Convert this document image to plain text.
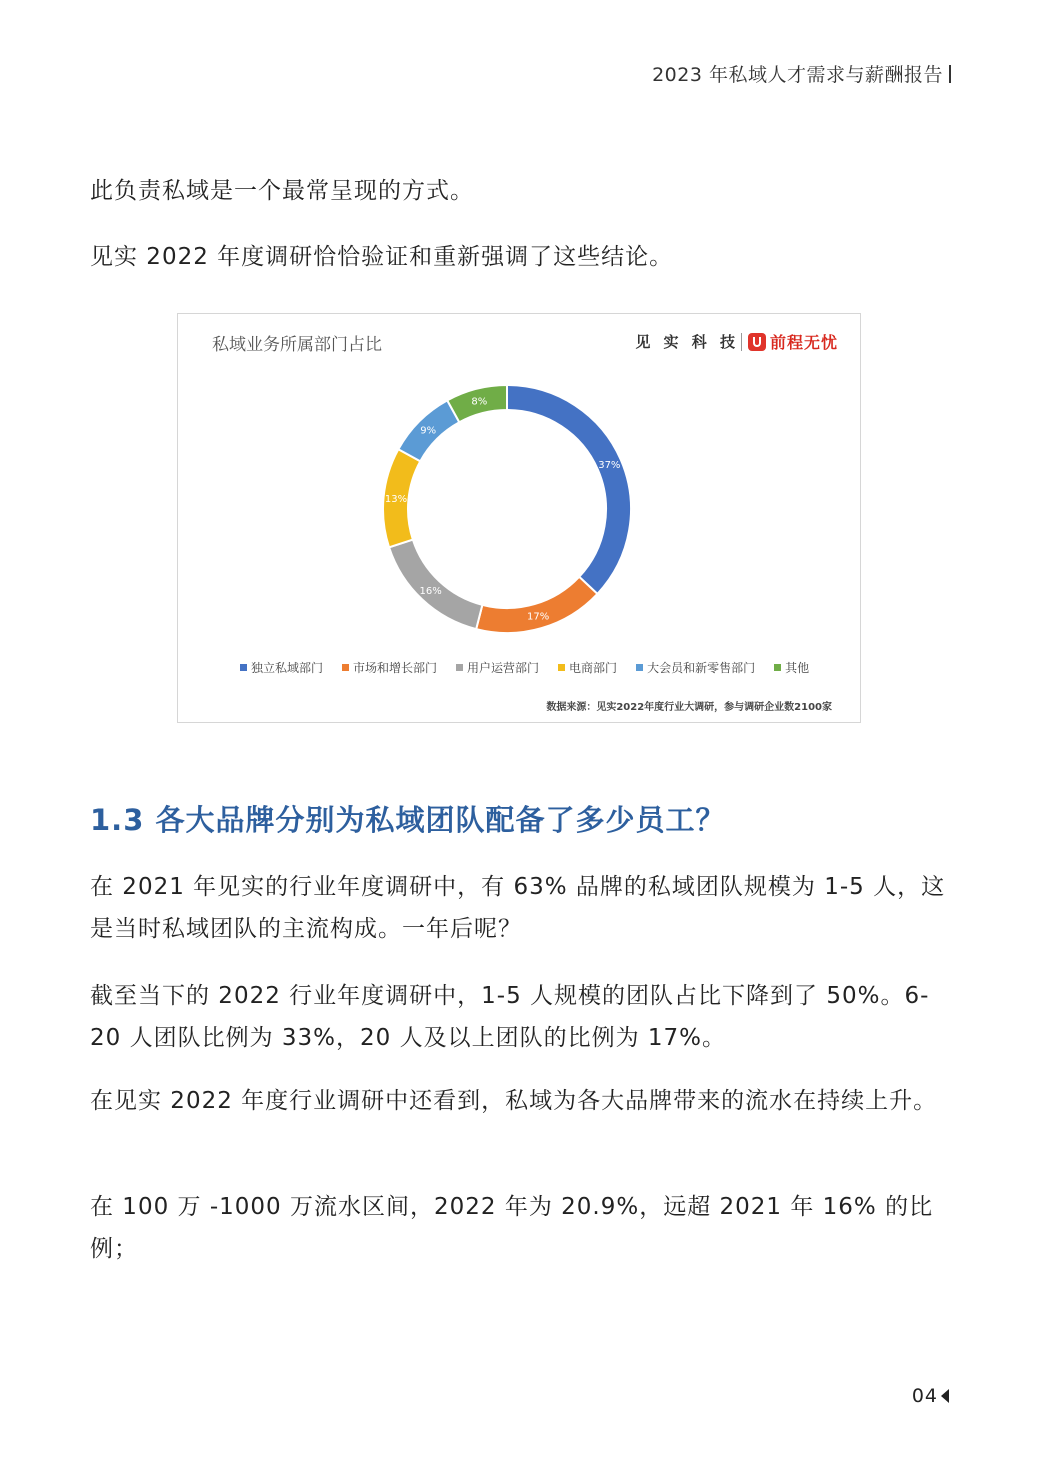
2023 年私域人才需求与薪酬报告

此负责私域是一个最常呈现的方式。

见实 2022 年度调研恰恰验证和重新强调了这些结论。

私域业务所属部门占比	见 实 科 技 前程无忧
37%
17%
16%
13%
9%
8%
独立私域部门	市场和增长部门	用户运营部门	电商部门	大会员和新零售部门	其他
数据来源：见实2022年度行业大调研，参与调研企业数2100家
1.3 各大品牌分别为私域团队配备了多少员工？

在 2021 年见实的行业年度调研中，有 63% 品牌的私域团队规模为 1-5 人，这是当时私域团队的主流构成。一年后呢？

截至当下的 2022 行业年度调研中，1-5 人规模的团队占比下降到了 50%。6-20 人团队比例为 33%，20 人及以上团队的比例为 17%。

在见实 2022 年度行业调研中还看到，私域为各大品牌带来的流水在持续上升。

在 100 万 -1000 万流水区间，2022 年为 20.9%，远超 2021 年 16% 的比例；

04
